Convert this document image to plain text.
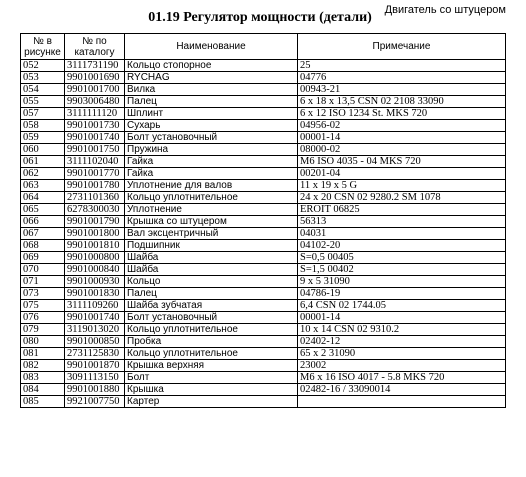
Двигатель со штуцером
01.19 Регулятор мощности (детали)
№ в рисунке	№ по каталогу	Наименование	Примечание
052	3111731190	Кольцо стопорное	25
053	9901001690	RYCHAG	04776
054	9901001700	Вилка	00943-21
055	9903006480	Палец	6 x 18 x 13,5 CSN 02 2108 33090
057	3111111120	Шплинт	6 x 12 ISO 1234 St. MKS 720
058	9901001730	Сухарь	04956-02
059	9901001740	Болт установочный	00001-14
060	9901001750	Пружина	08000-02
061	3111102040	Гайка	M6 ISO 4035 - 04 MKS 720
062	9901001770	Гайка	00201-04
063	9901001780	Уплотнение для валов	11 x 19 x 5 G
064	2731101360	Кольцо уплотнительное	24 x 20 CSN 02 9280.2 SM 1078
065	6278300030	Уплотнение	EROIT 06825
066	9901001790	Крышка со штуцером	56313
067	9901001800	Вал эксцентричный	04031
068	9901001810	Подшипник	04102-20
069	9901000800	Шайба	S=0,5 00405
070	9901000840	Шайба	S=1,5 00402
071	9901000930	Кольцо	9 x 5 31090
073	9901001830	Палец	04786-19
075	3111109260	Шайба зубчатая	6,4 CSN 02 1744.05
076	9901001740	Болт установочный	00001-14
079	3119013020	Кольцо уплотнительное	10 x 14 CSN 02 9310.2
080	9901000850	Пробка	02402-12
081	2731125830	Кольцо уплотнительное	65 x 2 31090
082	9901001870	Крышка верхняя	23002
083	3091113150	Болт	M6 x 16 ISO 4017 - 5.8 MKS 720
084	9901001880	Крышка	02482-16 / 33090014
085	9921007750	Картер	
